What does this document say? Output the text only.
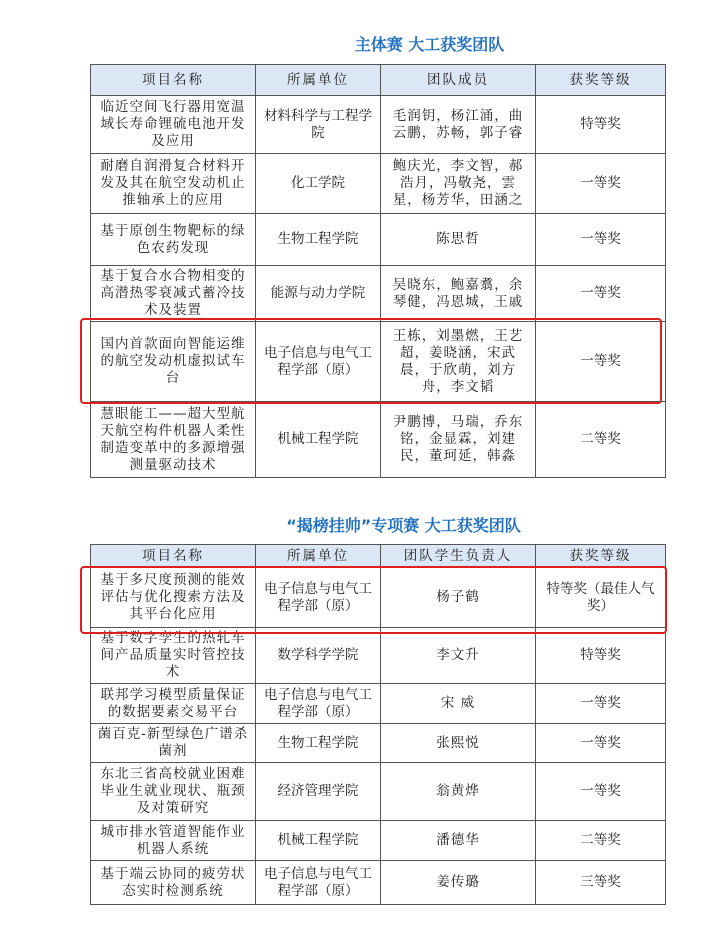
主体赛 大工获奖团队
项目名称	所属单位	团队成员	获奖等级
临近空间飞行器用宽温域长寿命锂硫电池开发及应用	材料科学与工程学院	毛润钥，杨江涌，曲云鹏，苏畅，郭子睿	特等奖
耐磨自润滑复合材料开发及其在航空发动机止推轴承上的应用	化工学院	鲍庆光，李文智，郝浩月，冯敬尧，雲星，杨芳华，田涵之	一等奖
基于原创生物靶标的绿色农药发现	生物工程学院	陈思哲	一等奖
基于复合水合物相变的高潜热零衰减式蓄冷技术及装置	能源与动力学院	吴晓东，鲍嘉翥，余琴健，冯恩城，王戚	一等奖
国内首款面向智能运维的航空发动机虚拟试车台	电子信息与电气工程学部（原）	王栋，刘墨燃，王艺超，姜晓涵，宋武晨，于欣萌，刘方舟，李文韬	一等奖
慧眼能工——超大型航天航空构件机器人柔性制造变革中的多源增强测量驱动技术	机械工程学院	尹鹏博，马瑞，乔东铭，金显霖，刘建民，董珂延，韩淼	二等奖
“揭榜挂帅”专项赛 大工获奖团队
项目名称	所属单位	团队学生负责人	获奖等级
基于多尺度预测的能效评估与优化搜索方法及其平台化应用	电子信息与电气工程学部（原）	杨子鹤	特等奖（最佳人气奖）
基于数字孪生的热轧车间产品质量实时管控技术	数学科学学院	李文升	特等奖
联邦学习模型质量保证的数据要素交易平台	电子信息与电气工程学部（原）	宋 威	一等奖
菌百克-新型绿色广谱杀菌剂	生物工程学院	张熙悦	一等奖
东北三省高校就业困难毕业生就业现状、瓶颈及对策研究	经济管理学院	翁黄烨	一等奖
城市排水管道智能作业机器人系统	机械工程学院	潘德华	二等奖
基于端云协同的疲劳状态实时检测系统	电子信息与电气工程学部（原）	姜传璐	三等奖
